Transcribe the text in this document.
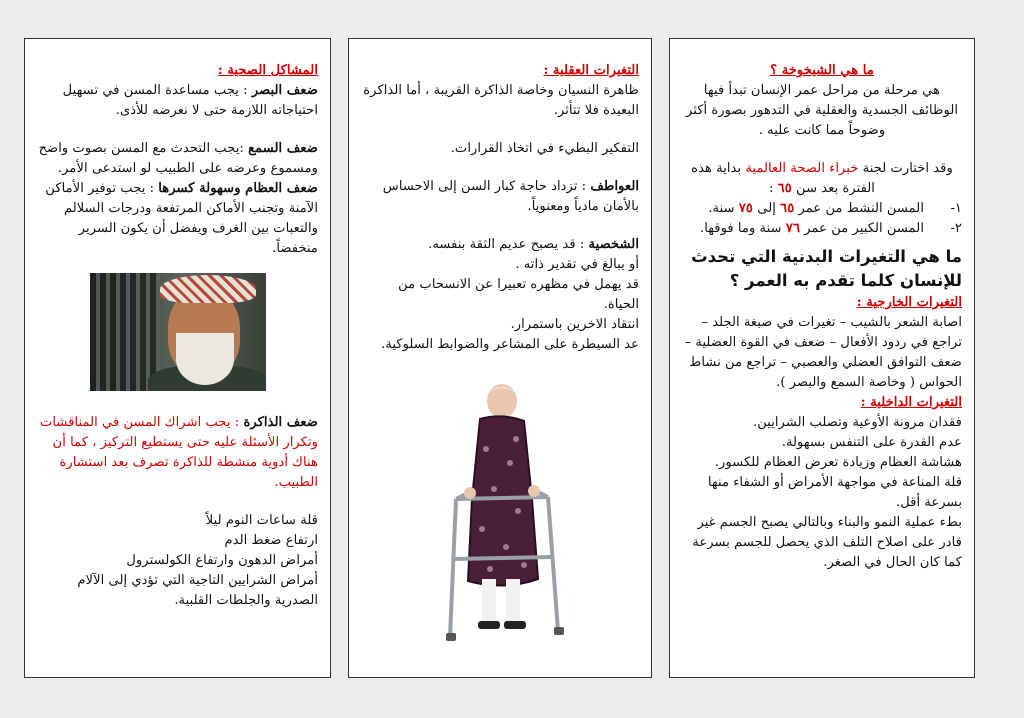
ما هي الشيخوخة ؟

هي مرحلة من مراحل عمر الإنسان تبدأ فيها الوظائف الجسدية والعقلية في التدهور بصورة أكثر وضوحاً مما كانت عليه .

وقد اختارت لجنة خبراء الصحة العالمية بداية هذه الفترة بعد سن ٦٥ :

١-
المسن النشط من عمر ٦٥ إلى ٧٥ سنة.
٢-
المسن الكبير من عمر ٧٦ سنة وما فوقها.

ما هي التغيرات البدنية التي تحدث للإنسان كلما تقدم به العمر ؟

التغيرات الخارجية :

اصابة الشعر بالشيب – تغيرات في صبغة الجلد – تراجع في ردود الأفعال – ضعف في القوة العضلية – ضعف التوافق العضلي والعصبي – تراجع من نشاط الحواس ( وخاصة السمع والبصر ).

التغيرات الداخلية :

فقدان مرونة الأوعية وتصلب الشرايين.

عدم القدرة على التنفس بسهولة.

هشاشة العظام وزيادة تعرض العظام للكسور.

قلة المناعة في مواجهة الأمراض أو الشفاء منها بسرعة أقل.

بطء عملية النمو والبناء وبالتالي يصبح الجسم غير قادر على اصلاح التلف الذي يحصل للجسم بسرعة كما كان الحال في الصغر.

التغيرات العقلية :

ظاهرة النسيان وخاصة الذاكرة القريبة ، أما الذاكرة البعيدة فلا تتأثر.

التفكير البطيء في اتخاذ القرارات.

العواطف : تزداد حاجة كبار السن إلى الاحساس بالأمان مادياً ومعنوياً.

الشخصية : قد يصبح عديم الثقة بنفسه.

أو يبالغ في تقدير ذاته .

قد يهمل في مظهره تعبيرا عن الانسحاب من الحياة.

انتقاد الاخرين باستمرار.

عد السيطرة على المشاعر والضوابط السلوكية.

المشاكل الصحية :

ضعف البصر : يجب مساعدة المسن في تسهيل احتياجاته اللازمة حتى لا نعرضه للأذى.

ضعف السمع :يجب التحدث مع المسن بصوت واضح ومسموع وعرضه على الطبيب لو استدعى الأمر.

ضعف العظام وسهولة كسرها : يجب توفير الأماكن الآمنة وتجنب الأماكن المرتفعة ودرجات السلالم والتعبات بين الغرف ويفضل أن يكون السرير منخفضاً.

ضعف الذاكرة : يجب اشراك المسن في المناقشات وتكرار الأسئلة عليه حتى يستطيع التركيز ، كما أن هناك أدوية منشطة للذاكرة تصرف بعد استشارة الطبيب.

قلة ساعات النوم ليلاً

ارتفاع ضغط الدم

أمراض الدهون وارتفاع الكولسترول

أمراض الشرايين التاجية التي تؤدي إلى الآلام الصدرية والجلطات القلبية.
